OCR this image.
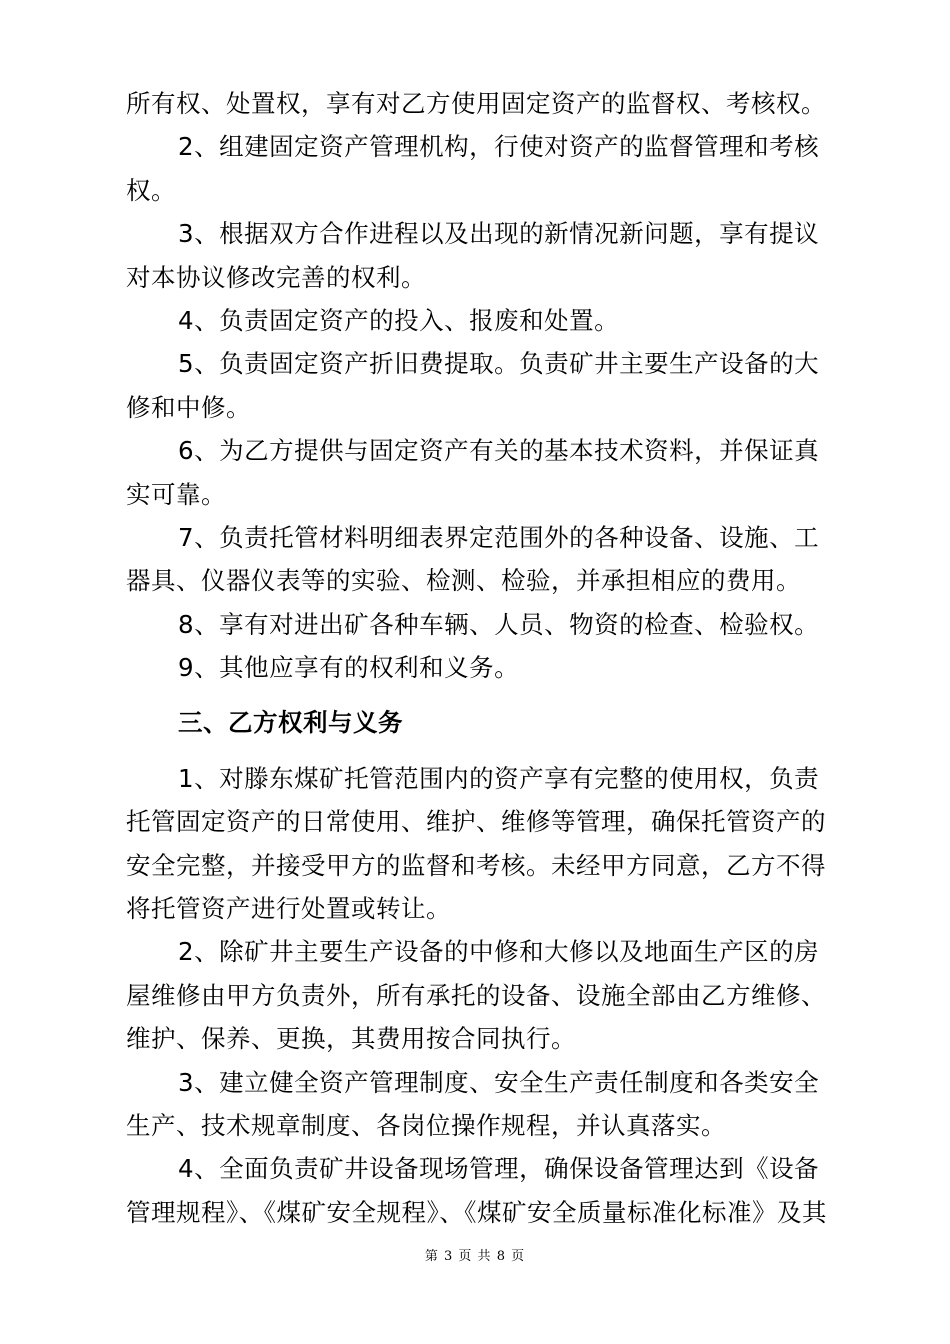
所有权、处置权，享有对乙方使用固定资产的监督权、考核权。
2、组建固定资产管理机构，行使对资产的监督管理和考核
权。
3、根据双方合作进程以及出现的新情况新问题，享有提议
对本协议修改完善的权利。
4、负责固定资产的投入、报废和处置。
5、负责固定资产折旧费提取。负责矿井主要生产设备的大
修和中修。
6、为乙方提供与固定资产有关的基本技术资料，并保证真
实可靠。
7、负责托管材料明细表界定范围外的各种设备、设施、工
器具、仪器仪表等的实验、检测、检验，并承担相应的费用。
8、享有对进出矿各种车辆、人员、物资的检查、检验权。
9、其他应享有的权利和义务。
三、乙方权利与义务
1、对滕东煤矿托管范围内的资产享有完整的使用权，负责
托管固定资产的日常使用、维护、维修等管理，确保托管资产的
安全完整，并接受甲方的监督和考核。未经甲方同意，乙方不得
将托管资产进行处置或转让。
2、除矿井主要生产设备的中修和大修以及地面生产区的房
屋维修由甲方负责外，所有承托的设备、设施全部由乙方维修、
维护、保养、更换，其费用按合同执行。
3、建立健全资产管理制度、安全生产责任制度和各类安全
生产、技术规章制度、各岗位操作规程，并认真落实。
4、全面负责矿井设备现场管理，确保设备管理达到《设备
管理规程》、《煤矿安全规程》、《煤矿安全质量标准化标准》及其
第 3 页 共 8 页
